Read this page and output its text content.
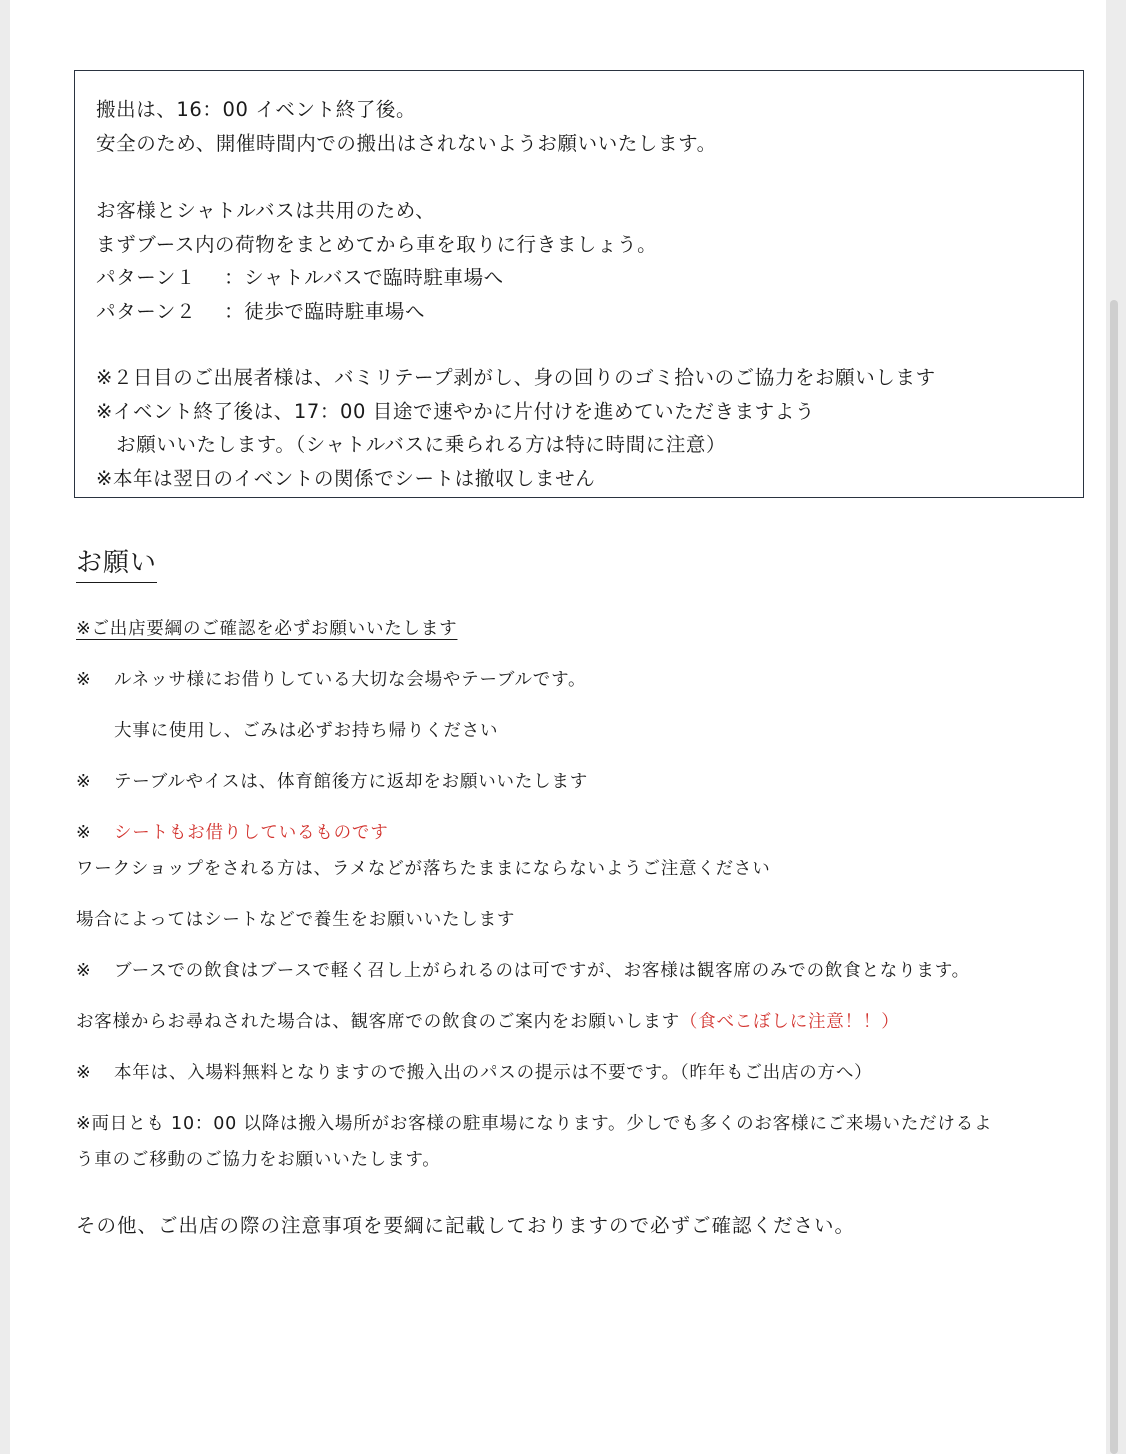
搬出は、16：00 イベント終了後。
安全のため、開催時間内での搬出はされないようお願いいたします。
お客様とシャトルバスは共用のため、
まずブース内の荷物をまとめてから車を取りに行きましょう。
パターン１ ：シャトルバスで臨時駐車場へ
パターン２ ：徒歩で臨時駐車場へ
※２日目のご出展者様は、バミリテープ剥がし、身の回りのゴミ拾いのご協力をお願いします
※イベント終了後は、17：00 目途で速やかに片付けを進めていただきますよう
　お願いいたします。（シャトルバスに乗られる方は特に時間に注意）
※本年は翌日のイベントの関係でシートは撤収しません
お願い
※ご出店要綱のご確認を必ずお願いいたします
※ ルネッサ様にお借りしている大切な会場やテーブルです。
大事に使用し、ごみは必ずお持ち帰りください
※ テーブルやイスは、体育館後方に返却をお願いいたします
※ シートもお借りしているものです
ワークショップをされる方は、ラメなどが落ちたままにならないようご注意ください
場合によってはシートなどで養生をお願いいたします
※ ブースでの飲食はブースで軽く召し上がられるのは可ですが、お客様は観客席のみでの飲食となります。
お客様からお尋ねされた場合は、観客席での飲食のご案内をお願いします（食べこぼしに注意！！）
※ 本年は、入場料無料となりますので搬入出のパスの提示は不要です。（昨年もご出店の方へ）
※両日とも 10：00 以降は搬入場所がお客様の駐車場になります。少しでも多くのお客様にご来場いただけるよ
う車のご移動のご協力をお願いいたします。
その他、ご出店の際の注意事項を要綱に記載しておりますので必ずご確認ください。
